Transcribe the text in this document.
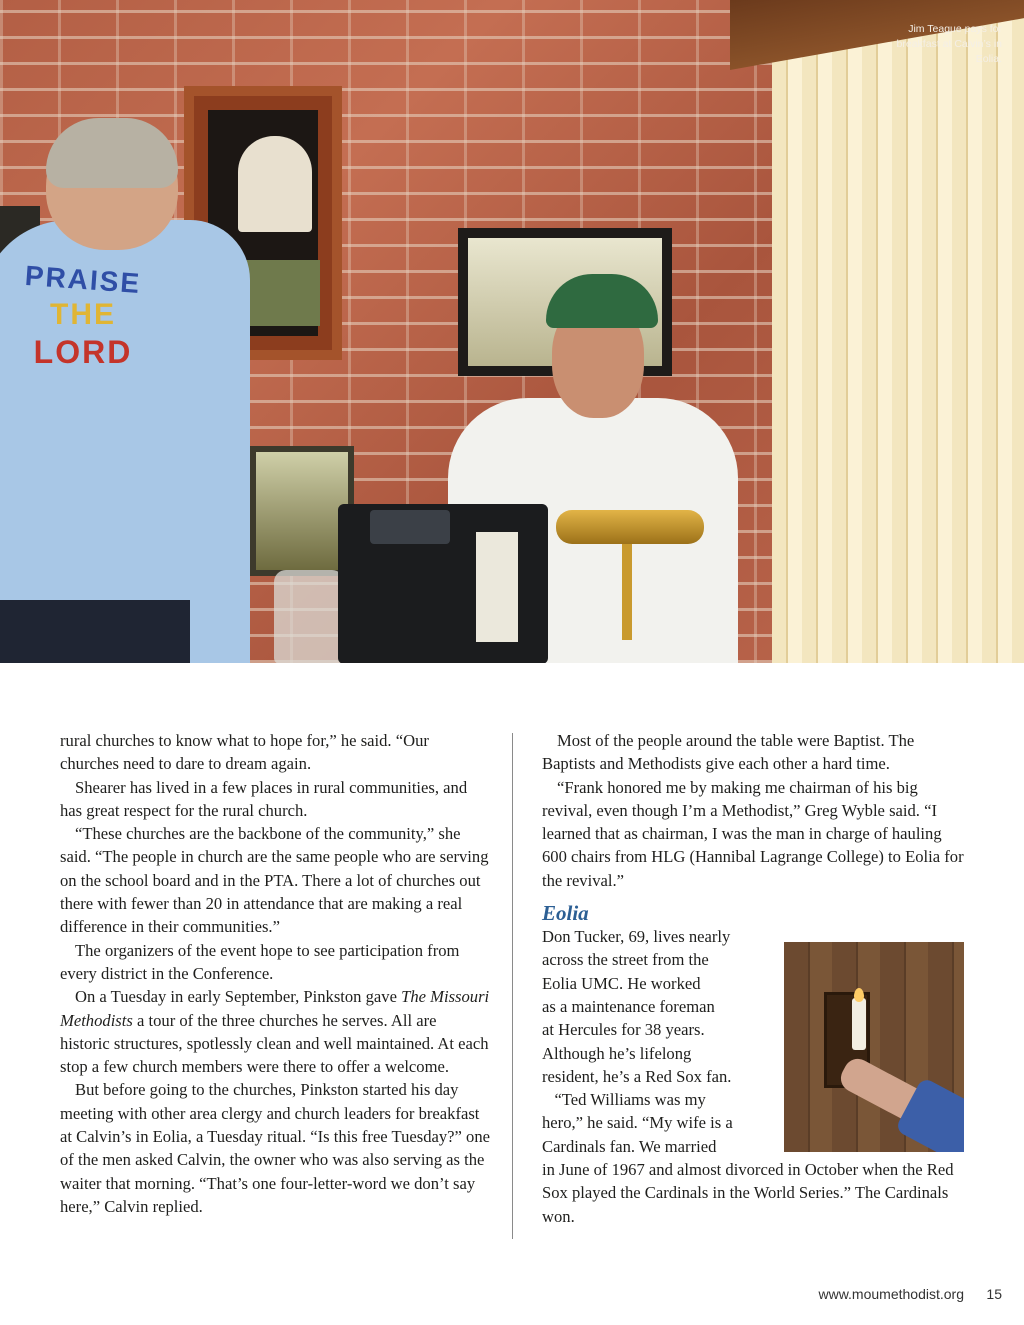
PRAISE
THE
LORD
Jim Teague pays for breakfast at Calvin’s in Eolia.

rural churches to know what to hope for,” he said. “Our churches need to dare to dream again.

Shearer has lived in a few places in rural communities, and has great respect for the rural church.

“These churches are the backbone of the community,” she said. “The people in church are the same people who are serving on the school board and in the PTA. There a lot of churches out there with fewer than 20 in attendance that are making a real difference in their communities.”

The organizers of the event hope to see participation from every district in the Conference.

On a Tuesday in early September, Pinkston gave The Missouri Methodists a tour of the three churches he serves. All are historic structures, spotlessly clean and well maintained. At each stop a few church members were there to offer a welcome.

But before going to the churches, Pinkston started his day meeting with other area clergy and church leaders for breakfast at Calvin’s in Eolia, a Tuesday ritual. “Is this free Tuesday?” one of the men asked Calvin, the owner who was also serving as the waiter that morning. “That’s one four-letter-word we don’t say here,” Calvin replied.

Most of the people around the table were Baptist. The Baptists and Methodists give each other a hard time.

“Frank honored me by making me chairman of his big revival, even though I’m a Methodist,” Greg Wyble said. “I learned that as chairman, I was the man in charge of hauling 600 chairs from HLG (Hannibal Lagrange College) to Eolia for the revival.”

Eolia
Don Tucker, 69, lives nearly
across the street from the
Eolia UMC. He worked
as a maintenance foreman
at Hercules for 38 years.
Although he’s lifelong
resident, he’s a Red Sox fan.
“Ted Williams was my
hero,” he said. “My wife is a
Cardinals fan. We married

in June of 1967 and almost divorced in October when the Red Sox played the Cardinals in the World Series.” The Cardinals won.

www.moumethodist.org 15
